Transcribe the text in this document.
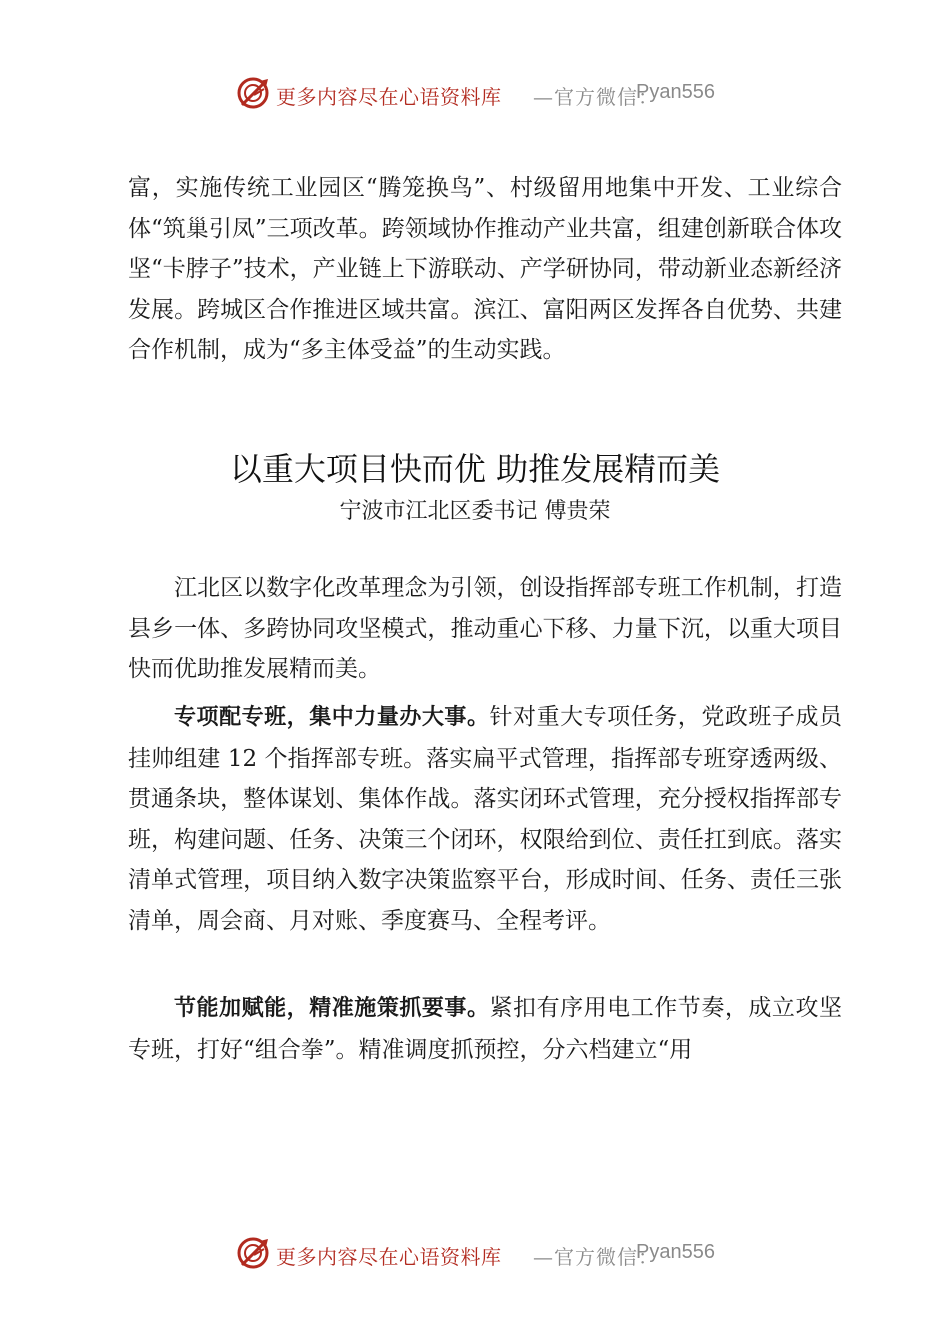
更多内容尽在心语资料库 —官方微信：
Pyan556

富，实施传统工业园区“腾笼换鸟”、村级留用地集中开发、工业综合体“筑巢引凤”三项改革。跨领域协作推动产业共富，组建创新联合体攻坚“卡脖子”技术，产业链上下游联动、产学研协同，带动新业态新经济发展。跨城区合作推进区域共富。滨江、富阳两区发挥各自优势、共建合作机制，成为“多主体受益”的生动实践。

以重大项目快而优 助推发展精而美

宁波市江北区委书记 傅贵荣

江北区以数字化改革理念为引领，创设指挥部专班工作机制，打造县乡一体、多跨协同攻坚模式，推动重心下移、力量下沉，以重大项目快而优助推发展精而美。

专项配专班，集中力量办大事。针对重大专项任务，党政班子成员挂帅组建 12 个指挥部专班。落实扁平式管理，指挥部专班穿透两级、贯通条块，整体谋划、集体作战。落实闭环式管理，充分授权指挥部专班，构建问题、任务、决策三个闭环，权限给到位、责任扛到底。落实清单式管理，项目纳入数字决策监察平台，形成时间、任务、责任三张清单，周会商、月对账、季度赛马、全程考评。

节能加赋能，精准施策抓要事。紧扣有序用电工作节奏，成立攻坚专班，打好“组合拳”。精准调度抓预控，分六档建立“用

更多内容尽在心语资料库 —官方微信：
Pyan556
